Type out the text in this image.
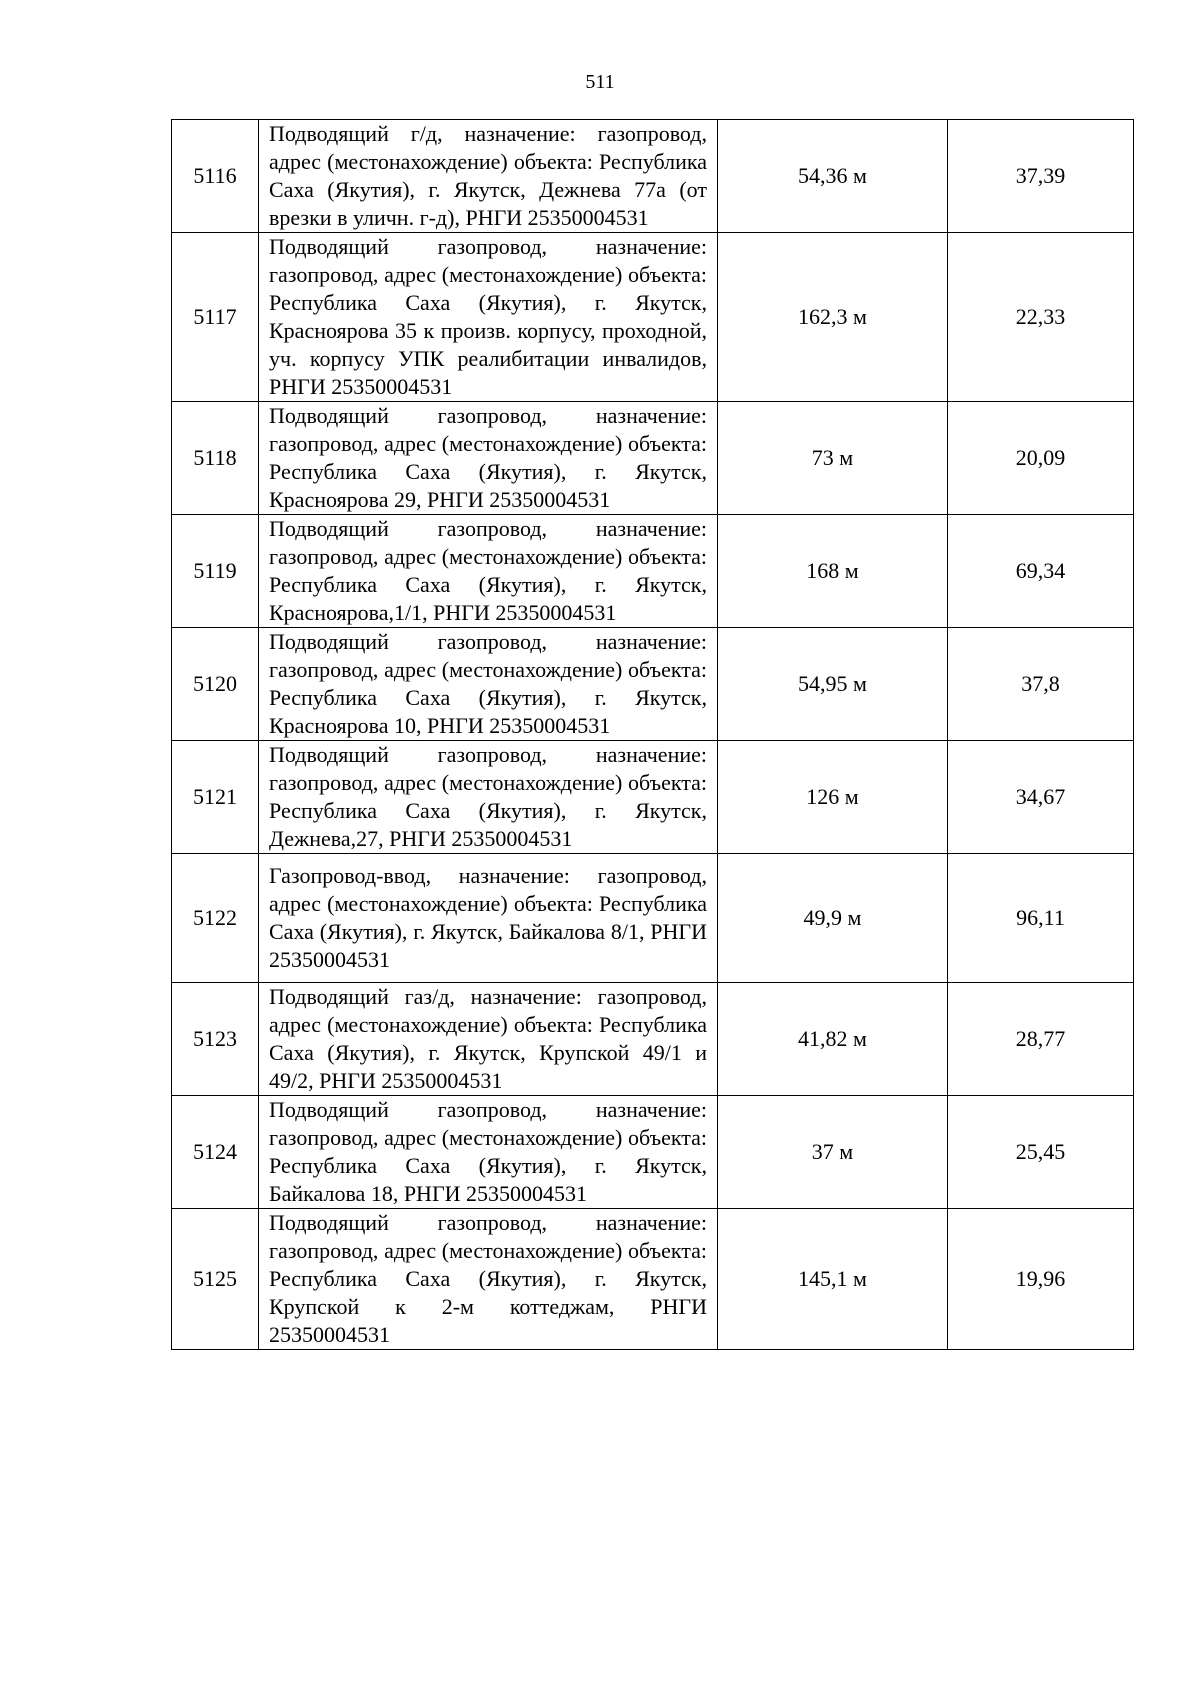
511
5116	Подводящий г/д, назначение: газопровод, адрес (местонахождение) объекта: Республика Саха (Якутия), г. Якутск, Дежнева 77а (от врезки в уличн. г-д), РНГИ 25350004531	54,36 м	37,39
5117	Подводящий газопровод, назначение: газопровод, адрес (местонахождение) объекта: Республика Саха (Якутия), г. Якутск, Красноярова 35 к произв. корпусу, проходной, уч. корпусу УПК реалибитации инвалидов, РНГИ 25350004531	162,3 м	22,33
5118	Подводящий газопровод, назначение: газопровод, адрес (местонахождение) объекта: Республика Саха (Якутия), г. Якутск, Красноярова 29, РНГИ 25350004531	73 м	20,09
5119	Подводящий газопровод, назначение: газопровод, адрес (местонахождение) объекта: Республика Саха (Якутия), г. Якутск, Красноярова,1/1, РНГИ 25350004531	168 м	69,34
5120	Подводящий газопровод, назначение: газопровод, адрес (местонахождение) объекта: Республика Саха (Якутия), г. Якутск, Красноярова 10, РНГИ 25350004531	54,95 м	37,8
5121	Подводящий газопровод, назначение: газопровод, адрес (местонахождение) объекта: Республика Саха (Якутия), г. Якутск, Дежнева,27, РНГИ 25350004531	126 м	34,67
5122	Газопровод-ввод, назначение: газопровод, адрес (местонахождение) объекта: Республика Саха (Якутия), г. Якутск, Байкалова 8/1, РНГИ 25350004531	49,9 м	96,11
5123	Подводящий газ/д, назначение: газопровод, адрес (местонахождение) объекта: Республика Саха (Якутия), г. Якутск, Крупской 49/1 и 49/2, РНГИ 25350004531	41,82 м	28,77
5124	Подводящий газопровод, назначение: газопровод, адрес (местонахождение) объекта: Республика Саха (Якутия), г. Якутск, Байкалова 18, РНГИ 25350004531	37 м	25,45
5125	Подводящий газопровод, назначение: газопровод, адрес (местонахождение) объекта: Республика Саха (Якутия), г. Якутск, Крупской к 2-м коттеджам, РНГИ 25350004531	145,1 м	19,96
